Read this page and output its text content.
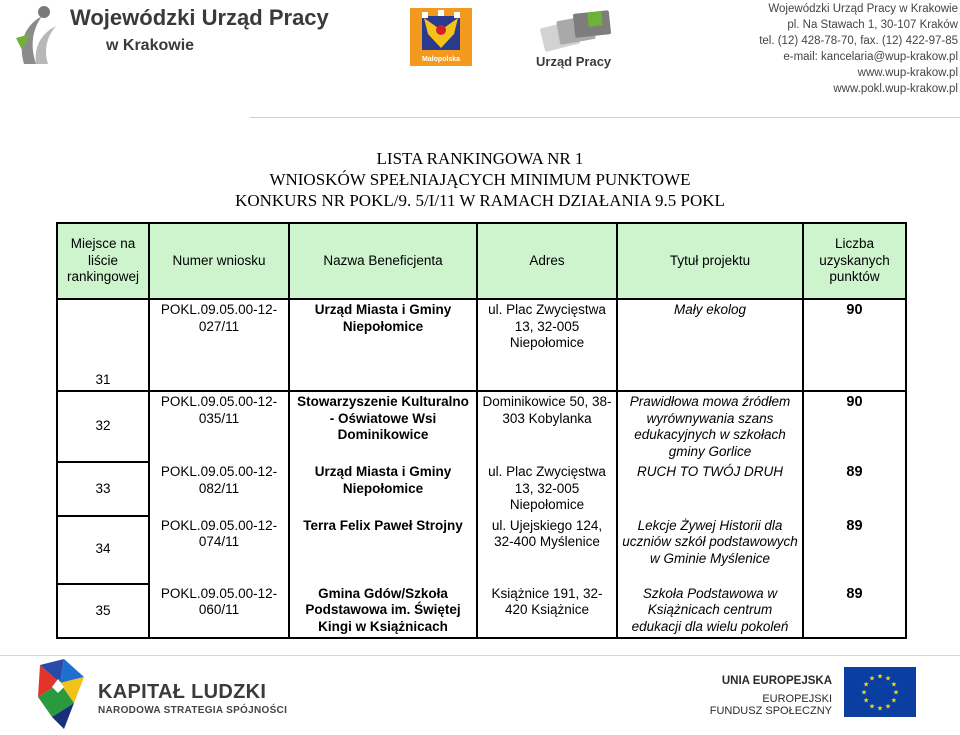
Wojewódzki Urząd Pracy
w Krakowie
Małopolska	Urząd Pracy
Wojewódzki Urząd Pracy w Krakowie
pl. Na Stawach 1, 30-107 Kraków
tel. (12) 428-78-70, fax. (12) 422-97-85
e-mail: kancelaria@wup-krakow.pl
www.wup-krakow.pl
www.pokl.wup-krakow.pl
LISTA RANKINGOWA NR 1
WNIOSKÓW SPEŁNIAJĄCYCH MINIMUM PUNKTOWE
KONKURS NR POKL/9. 5/I/11 W RAMACH DZIAŁANIA 9.5 POKL
Miejsce na liście rankingowej	Numer wniosku	Nazwa Beneficjenta	Adres	Tytuł projektu	Liczba uzyskanych punktów
31	POKL.09.05.00-12-027/11	Urząd Miasta i Gminy Niepołomice	ul. Plac Zwycięstwa 13, 32-005 Niepołomice	Mały ekolog	90
32	POKL.09.05.00-12-035/11	Stowarzyszenie Kulturalno - Oświatowe Wsi Dominikowice	Dominikowice 50, 38-303 Kobylanka	Prawidłowa mowa źródłem wyrównywania szans edukacyjnych w szkołach gminy Gorlice	90
33	POKL.09.05.00-12-082/11	Urząd Miasta i Gminy Niepołomice	ul. Plac Zwycięstwa 13, 32-005 Niepołomice	RUCH TO TWÓJ DRUH	89
34	POKL.09.05.00-12-074/11	Terra Felix Paweł Strojny	ul. Ujejskiego 124, 32-400 Myślenice	Lekcje Żywej Historii dla uczniów szkół podstawowych w Gminie Myślenice	89
35	POKL.09.05.00-12-060/11	Gmina Gdów/Szkoła Podstawowa im. Świętej Kingi w Książnicach	Książnice 191, 32-420 Książnice	Szkoła Podstawowa w Książnicach centrum edukacji dla wielu pokoleń	89
KAPITAŁ LUDZKI
NARODOWA STRATEGIA SPÓJNOŚCI
UNIA EUROPEJSKA
EUROPEJSKI
FUNDUSZ SPOŁECZNY
★ ★
★
★
★
★
★
★
★
★
★
★
